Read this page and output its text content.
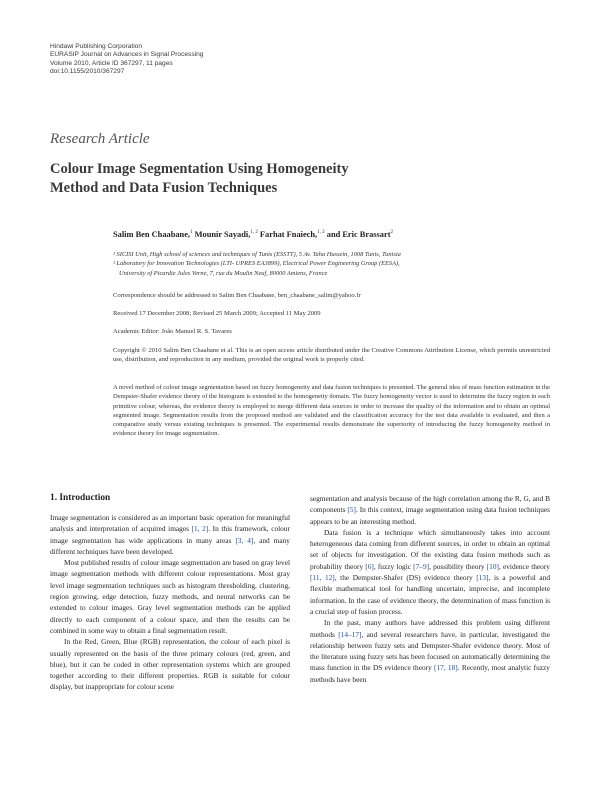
Hindawi Publishing Corporation
EURASIP Journal on Advances in Signal Processing
Volume 2010, Article ID 367297, 11 pages
doi:10.1155/2010/367297
Research Article
Colour Image Segmentation Using Homogeneity
Method and Data Fusion Techniques
Salim Ben Chaabane,$^1$ Mounir Sayadi,$^{1, 2}$ Farhat Fnaiech,$^{1, 2}$ and Eric Brassart$^2$
¹ SICISI Unit, High school of sciences and techniques of Tunis (ESSTT), 5 Av. Taha Hussein, 1008 Tunis, Tunisia
² Laboratory for Innovation Technologies (LTI- UPRES EA3899), Electrical Power Engineering Group (EESA),
University of Picardie Jules Verne, 7, rue du Moulin Neuf, 80000 Amiens, France
Correspondence should be addressed to Salim Ben Chaabane, ben_chaabane_salim@yahoo.fr
Received 17 December 2008; Revised 25 March 2009; Accepted 11 May 2009
Academic Editor: João Manuel R. S. Tavares
Copyright © 2010 Salim Ben Chaabane et al. This is an open access article distributed under the Creative Commons Attribution License, which permits unrestricted use, distribution, and reproduction in any medium, provided the original work is properly cited.
A novel method of colour image segmentation based on fuzzy homogeneity and data fusion techniques is presented. The general idea of mass function estimation in the Dempster-Shafer evidence theory of the histogram is extended to the homogeneity domain. The fuzzy homogeneity vector is used to determine the fuzzy region in each primitive colour, whereas, the evidence theory is employed to merge different data sources in order to increase the quality of the information and to obtain an optimal segmented image. Segmentation results from the proposed method are validated and the classification accuracy for the test data available is evaluated, and then a comparative study versus existing techniques is presented. The experimental results demonstrate the superiority of introducing the fuzzy homogeneity method in evidence theory for image segmentation.
1. Introduction

Image segmentation is considered as an important basic operation for meaningful analysis and interpretation of acquired images [1, 2]. In this framework, colour image segmentation has wide applications in many areas [3, 4], and many different techniques have been developed.

Most published results of colour image segmentation are based on gray level image segmentation methods with different colour representations. Most gray level image segmentation techniques such as histogram thresholding, clustering, region growing, edge detection, fuzzy methods, and neural networks can be extended to colour images. Gray level segmentation methods can be applied directly to each component of a colour space, and then the results can be combined in some way to obtain a final segmentation result.

In the Red, Green, Blue (RGB) representation, the colour of each pixel is usually represented on the basis of the three primary colours (red, green, and blue), but it can be coded in other representation systems which are grouped together according to their different properties. RGB is suitable for colour display, but inappropriate for colour scene

segmentation and analysis because of the high correlation among the R, G, and B components [5]. In this context, image segmentation using data fusion techniques appears to be an interesting method.

Data fusion is a technique which simultaneously takes into account heterogeneous data coming from different sources, in order to obtain an optimal set of objects for investigation. Of the existing data fusion methods such as probability theory [6], fuzzy logic [7–9], possibility theory [10], evidence theory [11, 12], the Dempster-Shafer (DS) evidence theory [13], is a powerful and flexible mathematical tool for handling uncertain, imprecise, and incomplete information. In the case of evidence theory, the determination of mass function is a crucial step of fusion process.

In the past, many authors have addressed this problem using different methods [14–17], and several researchers have, in particular, investigated the relationship between fuzzy sets and Dempster-Shafer evidence theory. Most of the literature using fuzzy sets has been focused on automatically determining the mass function in the DS evidence theory [17, 18]. Recently, most analytic fuzzy methods have been
